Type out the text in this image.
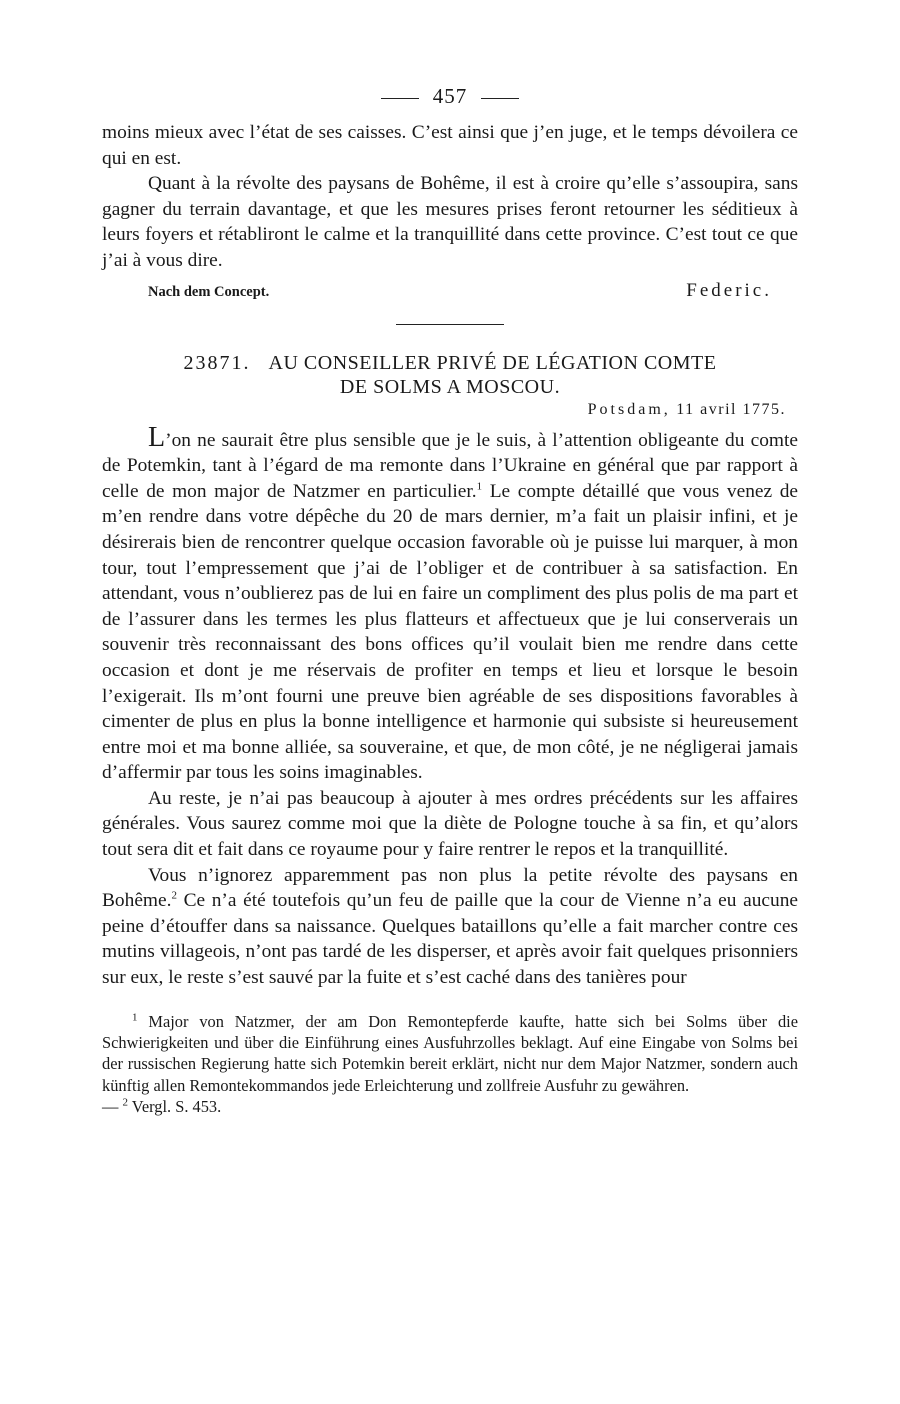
457

moins mieux avec l’état de ses caisses. C’est ainsi que j’en juge, et le temps dévoilera ce qui en est.

Quant à la révolte des paysans de Bohême, il est à croire qu’elle s’assoupira, sans gagner du terrain davantage, et que les mesures prises feront retourner les séditieux à leurs foyers et rétabliront le calme et la tranquillité dans cette province. C’est tout ce que j’ai à vous dire.

Nach dem Concept.	Federic.
23871. AU CONSEILLER PRIVÉ DE LÉGATION COMTE
DE SOLMS A MOSCOU.
Potsdam, 11 avril 1775.

L’on ne saurait être plus sensible que je le suis, à l’attention obligeante du comte de Potemkin, tant à l’égard de ma remonte dans l’Ukraine en général que par rapport à celle de mon major de Natzmer en particulier.$^1$ Le compte détaillé que vous venez de m’en rendre dans votre dépêche du 20 de mars dernier, m’a fait un plaisir infini, et je désirerais bien de rencontrer quelque occasion favorable où je puisse lui marquer, à mon tour, tout l’empressement que j’ai de l’obliger et de contribuer à sa satisfaction. En attendant, vous n’oublierez pas de lui en faire un compliment des plus polis de ma part et de l’assurer dans les termes les plus flatteurs et affectueux que je lui conserverais un souvenir très reconnaissant des bons offices qu’il voulait bien me rendre dans cette occasion et dont je me réservais de profiter en temps et lieu et lorsque le besoin l’exigerait. Ils m’ont fourni une preuve bien agréable de ses dispositions favorables à cimenter de plus en plus la bonne intelligence et harmonie qui subsiste si heureusement entre moi et ma bonne alliée, sa souveraine, et que, de mon côté, je ne négligerai jamais d’affermir par tous les soins imaginables.

Au reste, je n’ai pas beaucoup à ajouter à mes ordres précédents sur les affaires générales. Vous saurez comme moi que la diète de Pologne touche à sa fin, et qu’alors tout sera dit et fait dans ce royaume pour y faire rentrer le repos et la tranquillité.

Vous n’ignorez apparemment pas non plus la petite révolte des paysans en Bohême.$^2$ Ce n’a été toutefois qu’un feu de paille que la cour de Vienne n’a eu aucune peine d’étouffer dans sa naissance. Quelques bataillons qu’elle a fait marcher contre ces mutins villageois, n’ont pas tardé de les disperser, et après avoir fait quelques prisonniers sur eux, le reste s’est sauvé par la fuite et s’est caché dans des tanières pour

$^1$ Major von Natzmer, der am Don Remontepferde kaufte, hatte sich bei Solms über die Schwierigkeiten und über die Einführung eines Ausfuhrzolles beklagt. Auf eine Eingabe von Solms bei der russischen Regierung hatte sich Potemkin bereit erklärt, nicht nur dem Major Natzmer, sondern auch künftig allen Remontekommandos jede Erleichterung und zollfreie Ausfuhr zu gewähren.

— $^2$ Vergl. S. 453.
